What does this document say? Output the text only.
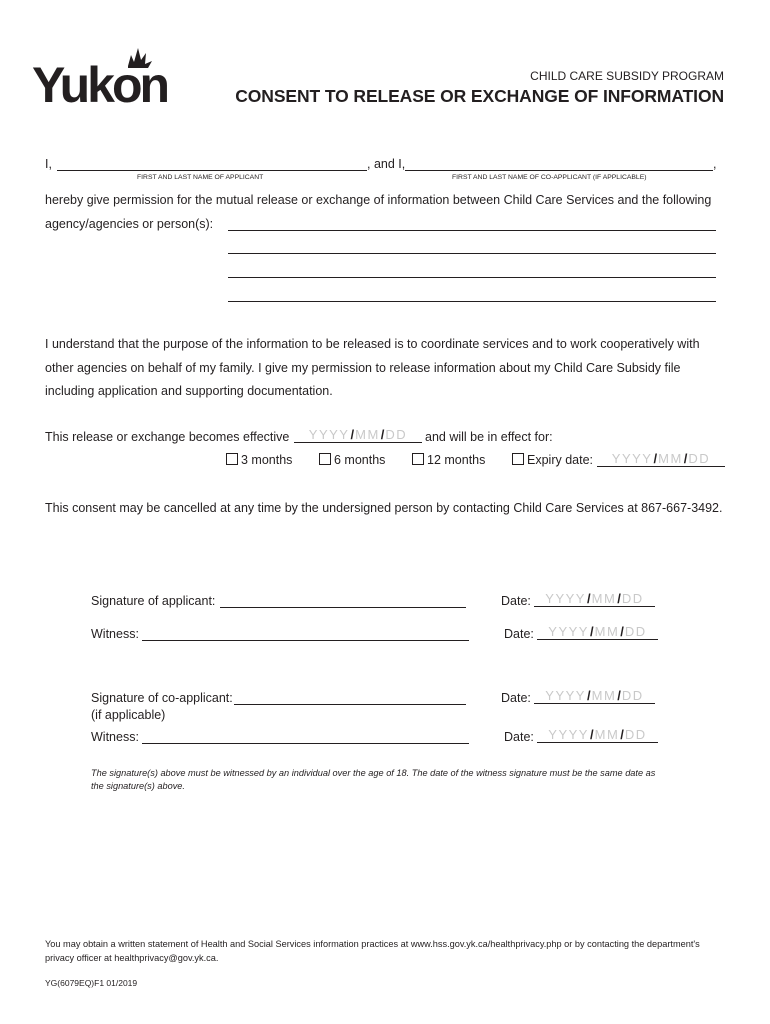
Yukon	CHILD CARE SUBSIDY PROGRAM
CONSENT TO RELEASE OR EXCHANGE OF INFORMATION
I,	, and I,	,
FIRST AND LAST NAME OF APPLICANT	FIRST AND LAST NAME OF CO-APPLICANT (IF APPLICABLE)
hereby give permission for the mutual release or exchange of information between Child Care Services and the following
agency/agencies or person(s):
I understand that the purpose of the information to be released is to coordinate services and to work cooperatively with
other agencies on behalf of my family. I give my permission to release information about my Child Care Subsidy file
including application and supporting documentation.
This release or exchange becomes effective YYYY / MM / DD and will be in effect for:
3 months	6 months	12 months	Expiry date: YYYY / MM / DD
This consent may be cancelled at any time by the undersigned person by contacting Child Care Services at 867-667-3492.
Signature of applicant:	Date: YYYY / MM / DD
Witness:	Date: YYYY / MM / DD
Signature of co-applicant:
(if applicable)
Date: YYYY / MM / DD
Witness:	Date: YYYY / MM / DD
The signature(s) above must be witnessed by an individual over the age of 18. The date of the witness signature must be the same date as the signature(s) above.
You may obtain a written statement of Health and Social Services information practices at www.hss.gov.yk.ca/healthprivacy.php or by contacting the department's privacy officer at healthprivacy@gov.yk.ca.
YG(6079EQ)F1 01/2019
